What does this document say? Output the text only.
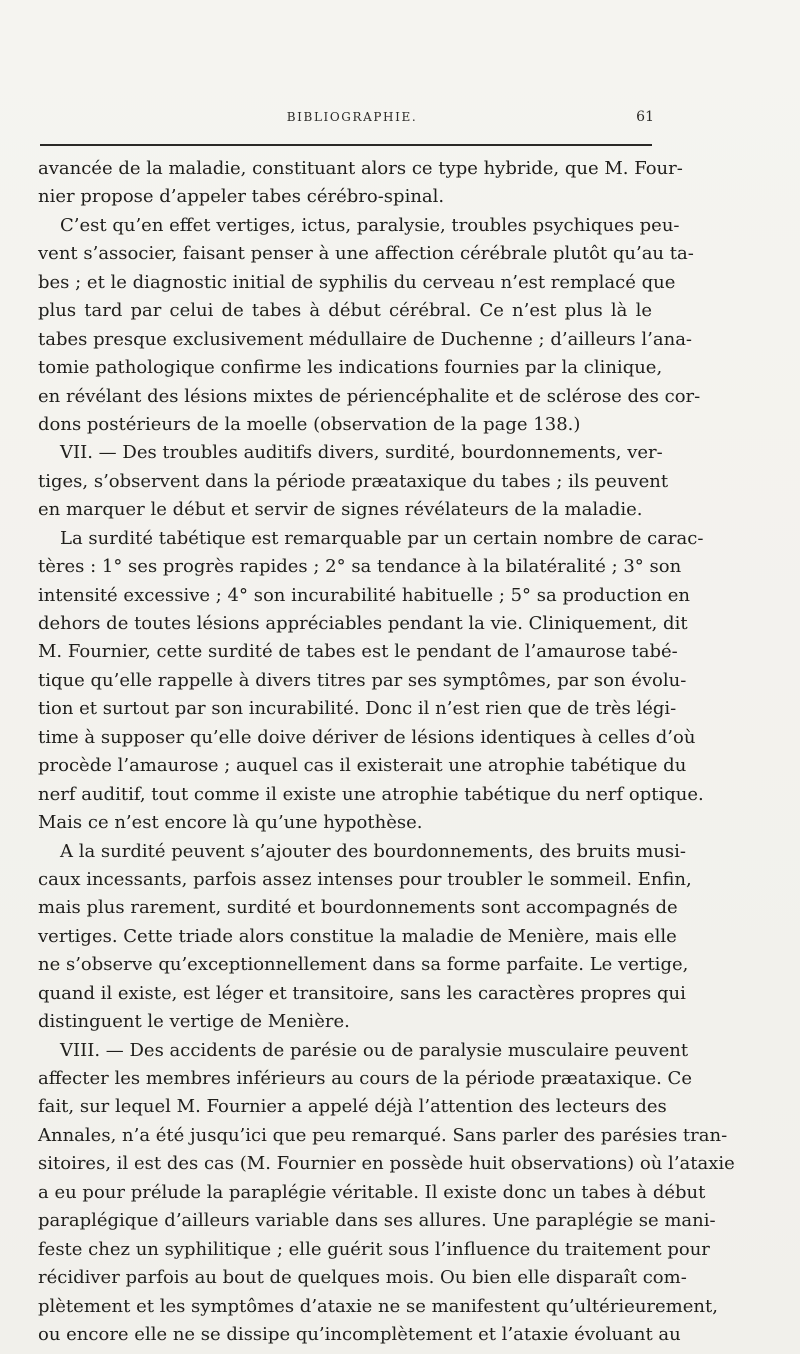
BIBLIOGRAPHIE.	61
avancée de la maladie, constituant alors ce type hybride, que M. Four-
nier propose d’appeler tabes cérébro-spinal.
C’est qu’en effet vertiges, ictus, paralysie, troubles psychiques peu-
vent s’associer, faisant penser à une affection cérébrale plutôt qu’au ta-
bes ; et le diagnostic initial de syphilis du cerveau n’est remplacé que
plus tard par celui de tabes à début cérébral. Ce n’est plus là le
tabes presque exclusivement médullaire de Duchenne ; d’ailleurs l’ana-
tomie pathologique confirme les indications fournies par la clinique,
en révélant des lésions mixtes de périencéphalite et de sclérose des cor-
dons postérieurs de la moelle (observation de la page 138.)
VII. — Des troubles auditifs divers, surdité, bourdonnements, ver-
tiges, s’observent dans la période præataxique du tabes ; ils peuvent
en marquer le début et servir de signes révélateurs de la maladie.
La surdité tabétique est remarquable par un certain nombre de carac-
tères : 1° ses progrès rapides ; 2° sa tendance à la bilatéralité ; 3° son
intensité excessive ; 4° son incurabilité habituelle ; 5° sa production en
dehors de toutes lésions appréciables pendant la vie. Cliniquement, dit
M. Fournier, cette surdité de tabes est le pendant de l’amaurose tabé-
tique qu’elle rappelle à divers titres par ses symptômes, par son évolu-
tion et surtout par son incurabilité. Donc il n’est rien que de très légi-
time à supposer qu’elle doive dériver de lésions identiques à celles d’où
procède l’amaurose ; auquel cas il existerait une atrophie tabétique du
nerf auditif, tout comme il existe une atrophie tabétique du nerf optique.
Mais ce n’est encore là qu’une hypothèse.
A la surdité peuvent s’ajouter des bourdonnements, des bruits musi-
caux incessants, parfois assez intenses pour troubler le sommeil. Enfin,
mais plus rarement, surdité et bourdonnements sont accompagnés de
vertiges. Cette triade alors constitue la maladie de Menière, mais elle
ne s’observe qu’exceptionnellement dans sa forme parfaite. Le vertige,
quand il existe, est léger et transitoire, sans les caractères propres qui
distinguent le vertige de Menière.
VIII. — Des accidents de parésie ou de paralysie musculaire peuvent
affecter les membres inférieurs au cours de la période præataxique. Ce
fait, sur lequel M. Fournier a appelé déjà l’attention des lecteurs des
Annales, n’a été jusqu’ici que peu remarqué. Sans parler des parésies tran-
sitoires, il est des cas (M. Fournier en possède huit observations) où l’ataxie
a eu pour prélude la paraplégie véritable. Il existe donc un tabes à début
paraplégique d’ailleurs variable dans ses allures. Une paraplégie se mani-
feste chez un syphilitique ; elle guérit sous l’influence du traitement pour
récidiver parfois au bout de quelques mois. Ou bien elle disparaît com-
plètement et les symptômes d’ataxie ne se manifestent qu’ultérieurement,
ou encore elle ne se dissipe qu’incomplètement et l’ataxie évoluant au
